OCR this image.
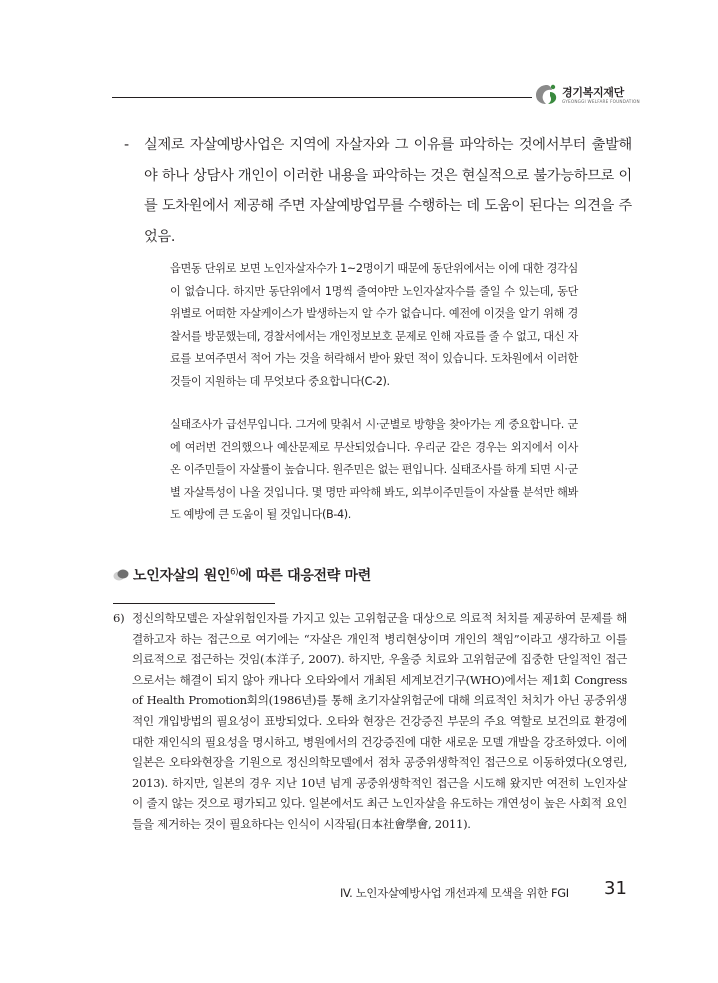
경기복지재단
GYEONGGI WELFARE FOUNDATION
-	실제로 자살예방사업은 지역에 자살자와 그 이유를 파악하는 것에서부터 출발해야 하나 상담사 개인이 이러한 내용을 파악하는 것은 현실적으로 불가능하므로 이를 도차원에서 제공해 주면 자살예방업무를 수행하는 데 도움이 된다는 의견을 주었음.
읍면동 단위로 보면 노인자살자수가 1~2명이기 때문에 동단위에서는 이에 대한 경각심이 없습니다. 하지만 동단위에서 1명씩 줄여야만 노인자살자수를 줄일 수 있는데, 동단위별로 어떠한 자살케이스가 발생하는지 알 수가 없습니다. 예전에 이것을 알기 위해 경찰서를 방문했는데, 경찰서에서는 개인정보보호 문제로 인해 자료를 줄 수 없고, 대신 자료를 보여주면서 적어 가는 것을 허락해서 받아 왔던 적이 있습니다. 도차원에서 이러한 것들이 지원하는 데 무엇보다 중요합니다(C-2).
실태조사가 급선무입니다. 그거에 맞춰서 시·군별로 방향을 찾아가는 게 중요합니다. 군에 여러번 건의했으나 예산문제로 무산되었습니다. 우리군 같은 경우는 외지에서 이사 온 이주민들이 자살률이 높습니다. 원주민은 없는 편입니다. 실태조사를 하게 되면 시·군별 자살특성이 나올 것입니다. 몇 명만 파악해 봐도, 외부이주민들이 자살률 분석만 해봐도 예방에 큰 도움이 될 것입니다(B-4).
노인자살의 원인$^{6)}$에 따른 대응전략 마련
6) 정신의학모델은 자살위험인자를 가지고 있는 고위험군을 대상으로 의료적 처치를 제공하여 문제를 해결하고자 하는 접근으로 여기에는 “자살은 개인적 병리현상이며 개인의 책임”이라고 생각하고 이를 의료적으로 접근하는 것임(本洋子, 2007). 하지만, 우울증 치료와 고위험군에 집중한 단일적인 접근으로서는 해결이 되지 않아 캐나다 오타와에서 개최된 세계보건기구(WHO)에서는 제1회 Congress of Health Promotion회의(1986년)를 통해 초기자살위험군에 대해 의료적인 처치가 아닌 공중위생적인 개입방법의 필요성이 표방되었다. 오타와 현장은 건강증진 부문의 주요 역할로 보건의료 환경에 대한 재인식의 필요성을 명시하고, 병원에서의 건강증진에 대한 새로운 모델 개발을 강조하였다. 이에 일본은 오타와현장을 기원으로 정신의학모델에서 점차 공중위생학적인 접근으로 이동하였다(오영린, 2013). 하지만, 일본의 경우 지난 10년 넘게 공중위생학적인 접근을 시도해 왔지만 여전히 노인자살이 줄지 않는 것으로 평가되고 있다. 일본에서도 최근 노인자살을 유도하는 개연성이 높은 사회적 요인들을 제거하는 것이 필요하다는 인식이 시작됨(日本社會學會, 2011).
IV. 노인자살예방사업 개선과제 모색을 위한 FGI 31
